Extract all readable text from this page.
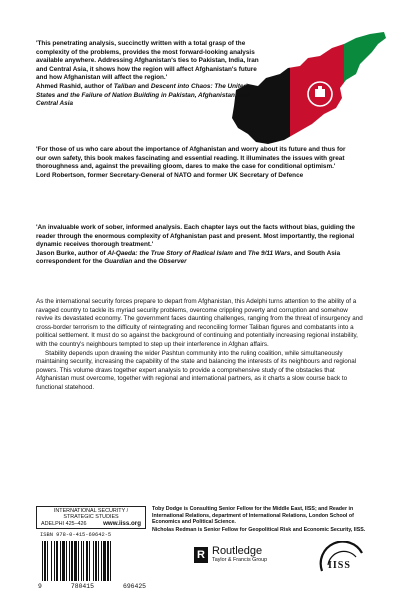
'This penetrating analysis, succinctly written with a total grasp of the complexity of the problems, provides the most forward-looking analysis available anywhere. Addressing Afghanistan's ties to Pakistan, India, Iran and Central Asia, it shows how the region will affect Afghanistan's future and how Afghanistan will affect the region.'

Ahmed Rashid, author of Taliban and Descent into Chaos: The United States and the Failure of Nation Building in Pakistan, Afghanistan, and Central Asia

'For those of us who care about the importance of Afghanistan and worry about its future and thus for our own safety, this book makes fascinating and essential reading. It illuminates the issues with great thoroughness and, against the prevailing gloom, dares to make the case for conditional optimism.'

Lord Robertson, former Secretary-General of NATO and former UK Secretary of Defence

'An invaluable work of sober, informed analysis. Each chapter lays out the facts without bias, guiding the reader through the enormous complexity of Afghanistan past and present. Most importantly, the regional dynamic receives thorough treatment.'

Jason Burke, author of Al-Qaeda: the True Story of Radical Islam and The 9/11 Wars, and South Asia correspondent for the Guardian and the Observer

As the international security forces prepare to depart from Afghanistan, this Adelphi turns attention to the ability of a ravaged country to tackle its myriad security problems, overcome crippling poverty and corruption and somehow revive its devastated economy. The government faces daunting challenges, ranging from the threat of insurgency and cross-border terrorism to the difficulty of reintegrating and reconciling former Taliban figures and combatants into a political settlement. It must do so against the background of continuing and potentially increasing regional instability, with the country's neighbours tempted to step up their interference in Afghan affairs.

Stability depends upon drawing the wider Pashtun community into the ruling coalition, while simultaneously maintaining security, increasing the capability of the state and balancing the interests of its neighbours and regional powers. This volume draws together expert analysis to provide a comprehensive study of the obstacles that Afghanistan must overcome, together with regional and international partners, as it charts a slow course back to functional statehood.

INTERNATIONAL SECURITY /
STRATEGIC STUDIES
ADELPHI 425–426	www.iiss.org
ISBN 978-0-415-69642-5
9	780415	696425

Toby Dodge is Consulting Senior Fellow for the Middle East, IISS; and Reader in International Relations, department of International Relations, London School of Economics and Political Science.

Nicholas Redman is Senior Fellow for Geopolitical Risk and Economic Security, IISS.

R Routledge
Taylor & Francis Group	IISS
